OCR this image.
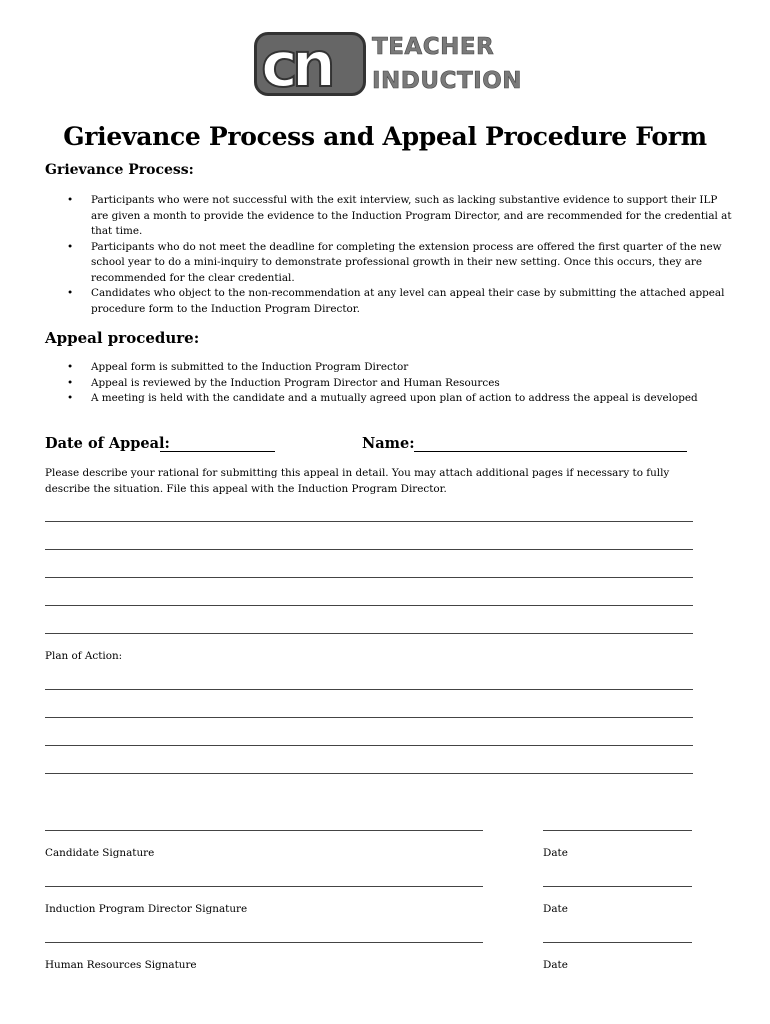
cn TEACHER
INDUCTION
Grievance Process and Appeal Procedure Form
Grievance Process:
• Participants who were not successful with the exit interview, such as lacking substantive evidence to support their ILP are given a month to provide the evidence to the Induction Program Director, and are recommended for the credential at that time.
• Participants who do not meet the deadline for completing the extension process are offered the first quarter of the new school year to do a mini-inquiry to demonstrate professional growth in their new setting. Once this occurs, they are recommended for the clear credential.
• Candidates who object to the non-recommendation at any level can appeal their case by submitting the attached appeal procedure form to the Induction Program Director.
Appeal procedure:
• Appeal form is submitted to the Induction Program Director
• Appeal is reviewed by the Induction Program Director and Human Resources
• A meeting is held with the candidate and a mutually agreed upon plan of action to address the appeal is developed
Date of Appeal:	Name:
Please describe your rational for submitting this appeal in detail. You may attach additional pages if necessary to fully describe the situation. File this appeal with the Induction Program Director.
Plan of Action:
Candidate Signature	Date
Induction Program Director Signature	Date
Human Resources Signature	Date
